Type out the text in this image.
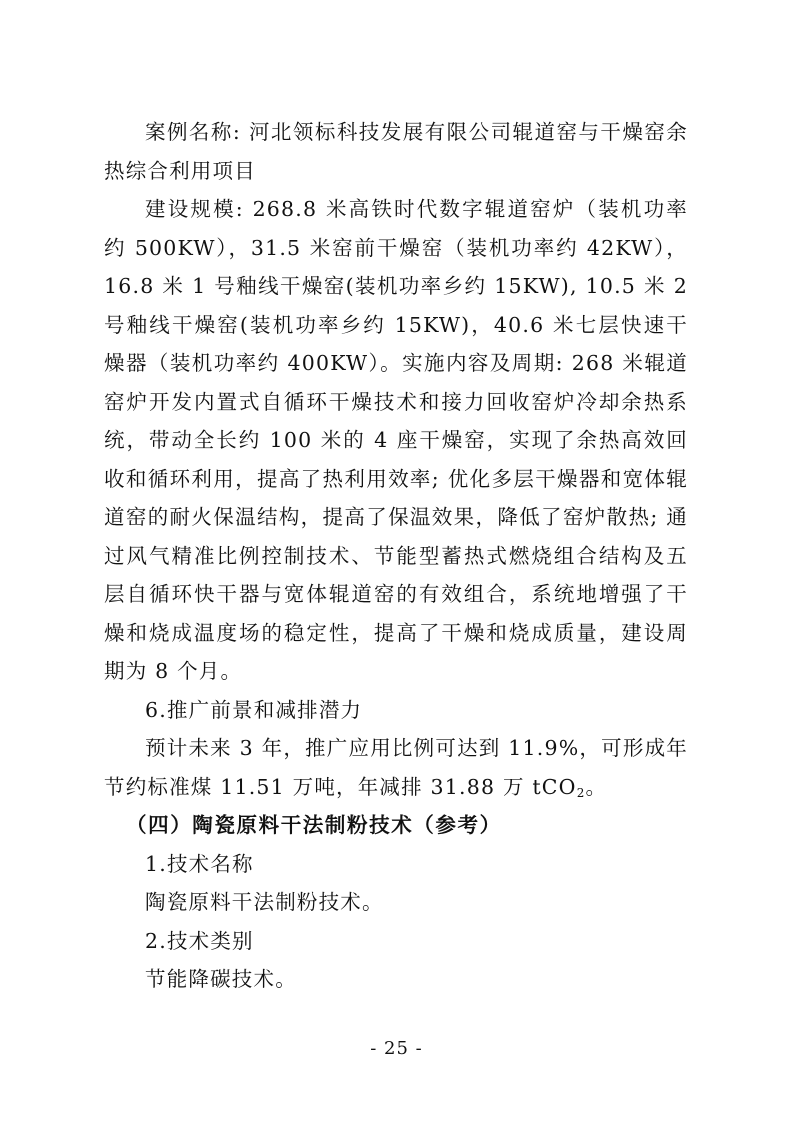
案例名称: 河北领标科技发展有限公司辊道窑与干燥窑余热综合利用项目

建设规模: 268.8 米高铁时代数字辊道窑炉（装机功率约 500KW），31.5 米窑前干燥窑（装机功率约 42KW），16.8 米 1 号釉线干燥窑(装机功率乡约 15KW), 10.5 米 2 号釉线干燥窑(装机功率乡约 15KW)，40.6 米七层快速干燥器（装机功率约 400KW）。实施内容及周期: 268 米辊道窑炉开发内置式自循环干燥技术和接力回收窑炉冷却余热系统，带动全长约 100 米的 4 座干燥窑，实现了余热高效回收和循环利用，提高了热利用效率; 优化多层干燥器和宽体辊道窑的耐火保温结构，提高了保温效果，降低了窑炉散热; 通过风气精准比例控制技术、节能型蓄热式燃烧组合结构及五层自循环快干器与宽体辊道窑的有效组合，系统地增强了干燥和烧成温度场的稳定性，提高了干燥和烧成质量，建设周期为 8 个月。

6.推广前景和减排潜力

预计未来 3 年，推广应用比例可达到 11.9%，可形成年节约标准煤 11.51 万吨，年减排 31.88 万 tCO$_2$。

（四）陶瓷原料干法制粉技术（参考）

1.技术名称

陶瓷原料干法制粉技术。

2.技术类别

节能降碳技术。

- 25 -
